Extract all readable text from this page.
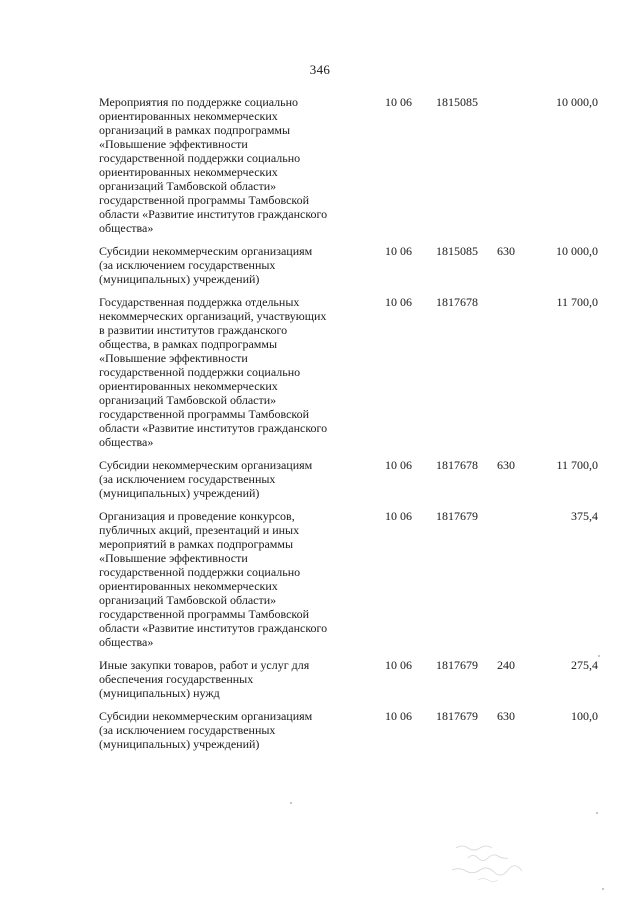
346
Мероприятия по поддержке социально
ориентированных некоммерческих
организаций в рамках подпрограммы
«Повышение эффективности
государственной поддержки социально
ориентированных некоммерческих
организаций Тамбовской области»
государственной программы Тамбовской
области «Развитие институтов гражданского
общества»
10 06 1815085	10 000,0
Субсидии некоммерческим организациям
(за исключением государственных
(муниципальных) учреждений)
10 06 1815085 630	10 000,0
Государственная поддержка отдельных
некоммерческих организаций, участвующих
в развитии институтов гражданского
общества, в рамках подпрограммы
«Повышение эффективности
государственной поддержки социально
ориентированных некоммерческих
организаций Тамбовской области»
государственной программы Тамбовской
области «Развитие институтов гражданского
общества»
10 06 1817678	11 700,0
Субсидии некоммерческим организациям
(за исключением государственных
(муниципальных) учреждений)
10 06 1817678 630	11 700,0
Организация и проведение конкурсов,
публичных акций, презентаций и иных
мероприятий в рамках подпрограммы
«Повышение эффективности
государственной поддержки социально
ориентированных некоммерческих
организаций Тамбовской области»
государственной программы Тамбовской
области «Развитие институтов гражданского
общества»
10 06 1817679	375,4
Иные закупки товаров, работ и услуг для
обеспечения государственных
(муниципальных) нужд
10 06 1817679 240	275,4
Субсидии некоммерческим организациям
(за исключением государственных
(муниципальных) учреждений)
10 06 1817679 630	100,0
